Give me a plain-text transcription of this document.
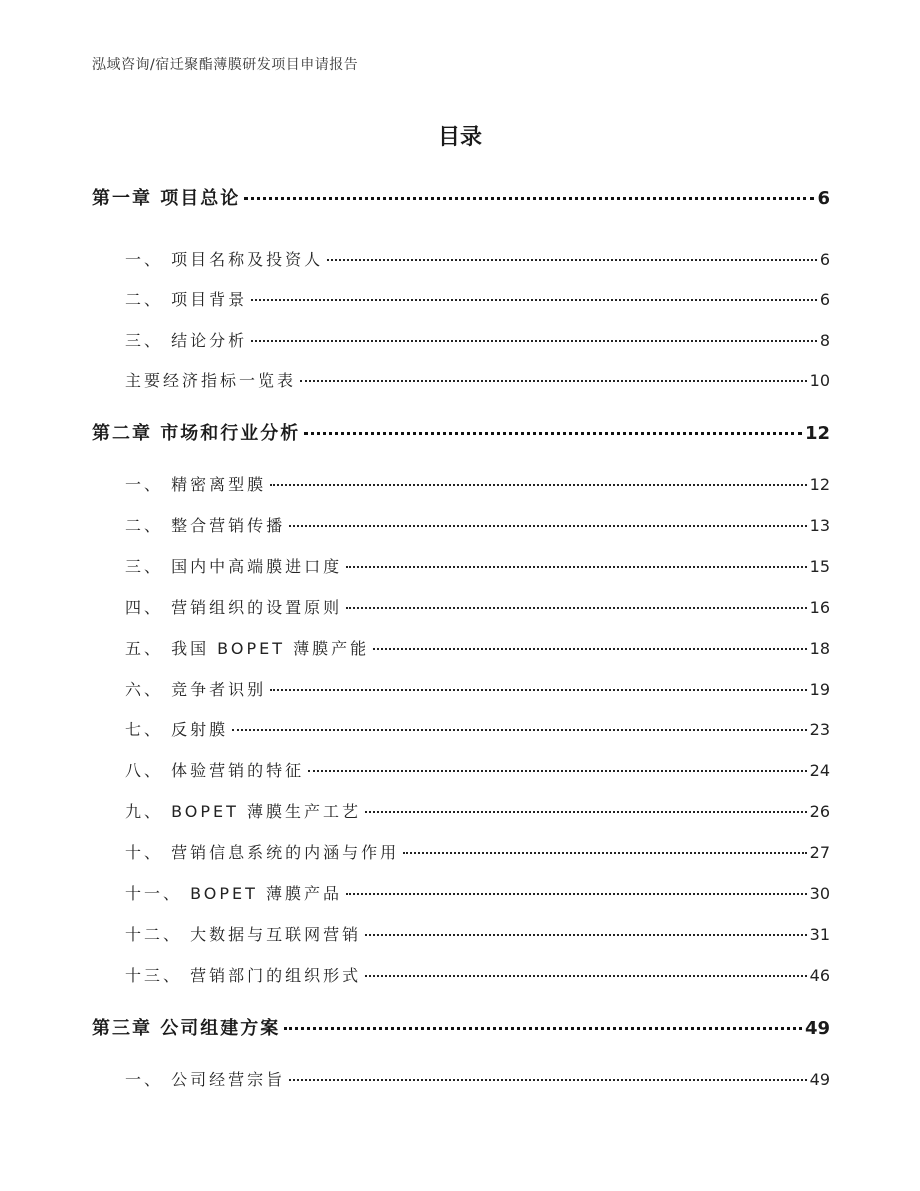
泓域咨询/宿迁聚酯薄膜研发项目申请报告
目录
第一章 项目总论	6
一、 项目名称及投资人	6
二、 项目背景	6
三、 结论分析	8
主要经济指标一览表	10
第二章 市场和行业分析	12
一、 精密离型膜	12
二、 整合营销传播	13
三、 国内中高端膜进口度	15
四、 营销组织的设置原则	16
五、 我国 BOPET 薄膜产能	18
六、 竞争者识别	19
七、 反射膜	23
八、 体验营销的特征	24
九、 BOPET 薄膜生产工艺	26
十、 营销信息系统的内涵与作用	27
十一、 BOPET 薄膜产品	30
十二、 大数据与互联网营销	31
十三、 营销部门的组织形式	46
第三章 公司组建方案	49
一、 公司经营宗旨	49
